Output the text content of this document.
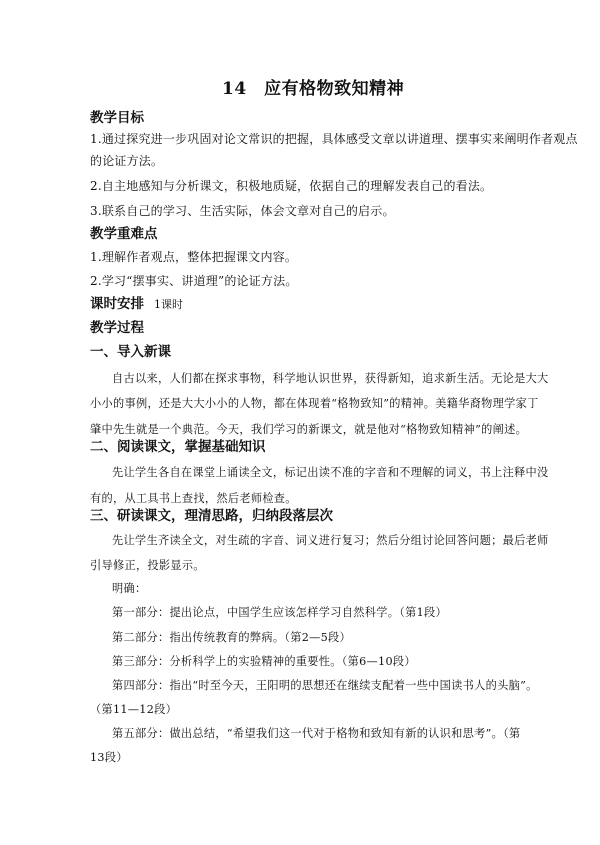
14　应有格物致知精神
教学目标
1.通过探究进一步巩固对论文常识的把握，具体感受文章以讲道理、摆事实来阐明作者观点
的论证方法。
2.自主地感知与分析课文，积极地质疑，依据自己的理解发表自己的看法。
3.联系自己的学习、生活实际，体会文章对自己的启示。
教学重难点
1.理解作者观点，整体把握课文内容。
2.学习“摆事实、讲道理”的论证方法。
课时安排 1课时
教学过程
一、导入新课
自古以来，人们都在探求事物，科学地认识世界，获得新知，追求新生活。无论是大大
小小的事例，还是大大小小的人物，都在体现着“格物致知”的精神。美籍华裔物理学家丁
肇中先生就是一个典范。今天，我们学习的新课文，就是他对“格物致知精神”的阐述。
二、阅读课文，掌握基础知识
先让学生各自在课堂上诵读全文，标记出读不准的字音和不理解的词义，书上注释中没
有的，从工具书上查找，然后老师检查。
三、研读课文，理清思路，归纳段落层次
先让学生齐读全文，对生疏的字音、词义进行复习；然后分组讨论回答问题；最后老师
引导修正，投影显示。
明确：
第一部分：提出论点，中国学生应该怎样学习自然科学。（第1段）
第二部分：指出传统教育的弊病。（第2—5段）
第三部分：分析科学上的实验精神的重要性。（第6—10段）
第四部分：指出“时至今天，王阳明的思想还在继续支配着一些中国读书人的头脑”。
（第11—12段）
第五部分：做出总结，“希望我们这一代对于格物和致知有新的认识和思考”。（第
13段）
